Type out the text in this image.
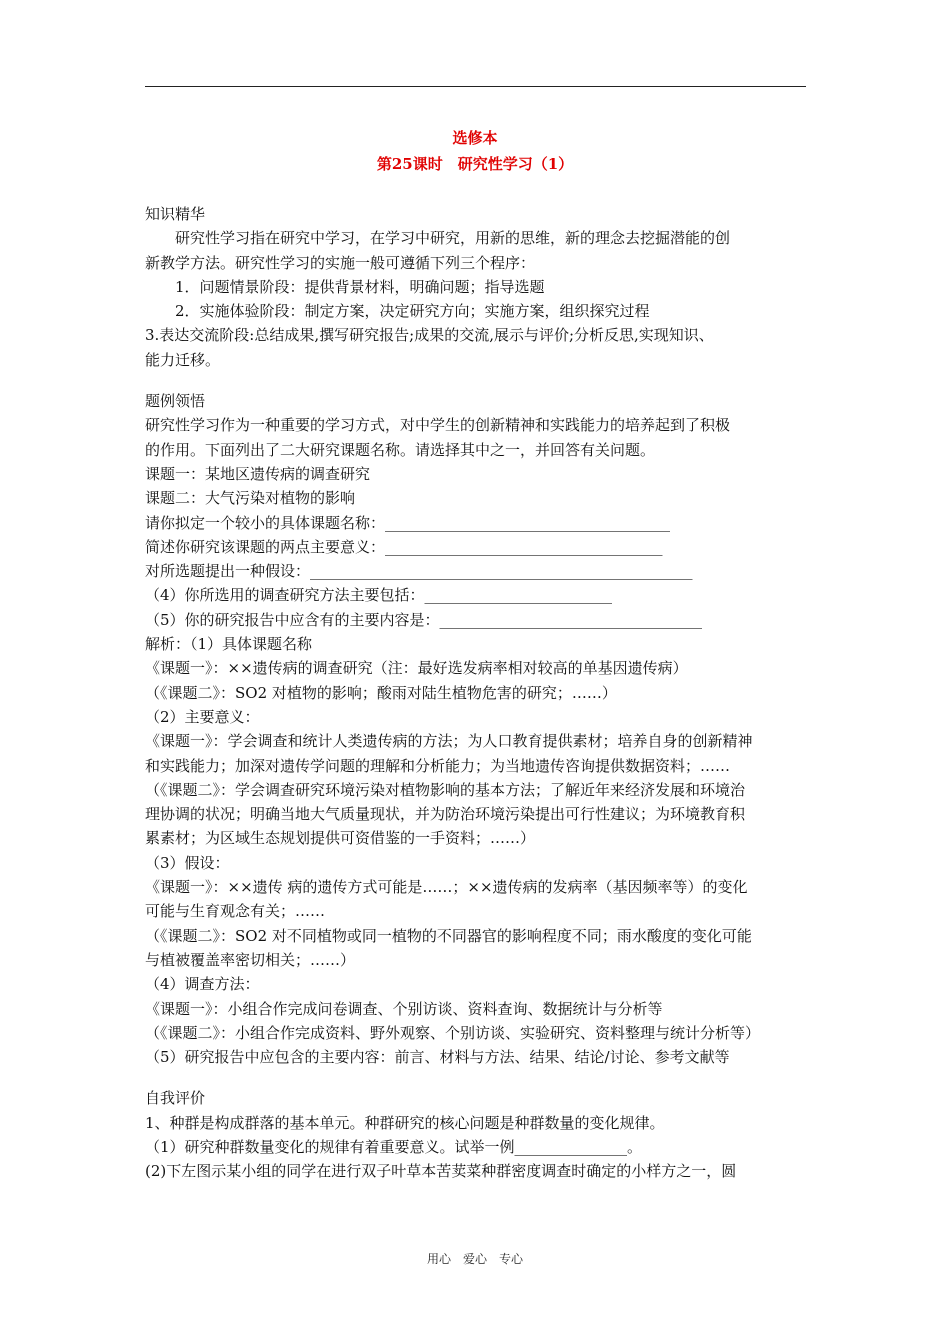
选修本
第25课时　研究性学习（1）
知识精华
研究性学习指在研究中学习，在学习中研究，用新的思维，新的理念去挖掘潜能的创
新教学方法。研究性学习的实施一般可遵循下列三个程序：
1．问题情景阶段：提供背景材料，明确问题；指导选题
2．实施体验阶段：制定方案，决定研究方向；实施方案，组织探究过程
3.表达交流阶段:总结成果,撰写研究报告;成果的交流,展示与评价;分析反思,实现知识、
能力迁移。
题例领悟
研究性学习作为一种重要的学习方式，对中学生的创新精神和实践能力的培养起到了积极
的作用。下面列出了二大研究课题名称。请选择其中之一，并回答有关问题。
课题一：某地区遗传病的调查研究
课题二：大气污染对植物的影响
请你拟定一个较小的具体课题名称：______________________________________
简述你研究该课题的两点主要意义：_____________________________________
对所选题提出一种假设：___________________________________________________
（4）你所选用的调查研究方法主要包括：_________________________
（5）你的研究报告中应含有的主要内容是：___________________________________
解析：（1）具体课题名称
《课题一》：××遗传病的调查研究（注：最好选发病率相对较高的单基因遗传病）
（《课题二》：SO2 对植物的影响；酸雨对陆生植物危害的研究；……）
（2）主要意义：
《课题一》：学会调查和统计人类遗传病的方法；为人口教育提供素材；培养自身的创新精神
和实践能力；加深对遗传学问题的理解和分析能力；为当地遗传咨询提供数据资料；……
（《课题二》：学会调查研究环境污染对植物影响的基本方法；了解近年来经济发展和环境治
理协调的状况；明确当地大气质量现状，并为防治环境污染提出可行性建议；为环境教育积
累素材；为区域生态规划提供可资借鉴的一手资料；……）
（3）假设：
《课题一》：××遗传 病的遗传方式可能是……；××遗传病的发病率（基因频率等）的变化
可能与生育观念有关；……
（《课题二》：SO2 对不同植物或同一植物的不同器官的影响程度不同；雨水酸度的变化可能
与植被覆盖率密切相关；……）
（4）调查方法：
《课题一》：小组合作完成问卷调查、个别访谈、资料查询、数据统计与分析等
（《课题二》：小组合作完成资料、野外观察、个别访谈、实验研究、资料整理与统计分析等）
（5）研究报告中应包含的主要内容：前言、材料与方法、结果、结论/讨论、参考文献等
自我评价
1、种群是构成群落的基本单元。种群研究的核心问题是种群数量的变化规律。
（1）研究种群数量变化的规律有着重要意义。试举一例_______________。
(2)下左图示某小组的同学在进行双子叶草本苦荬菜种群密度调查时确定的小样方之一，圆
用心　爱心　专心
